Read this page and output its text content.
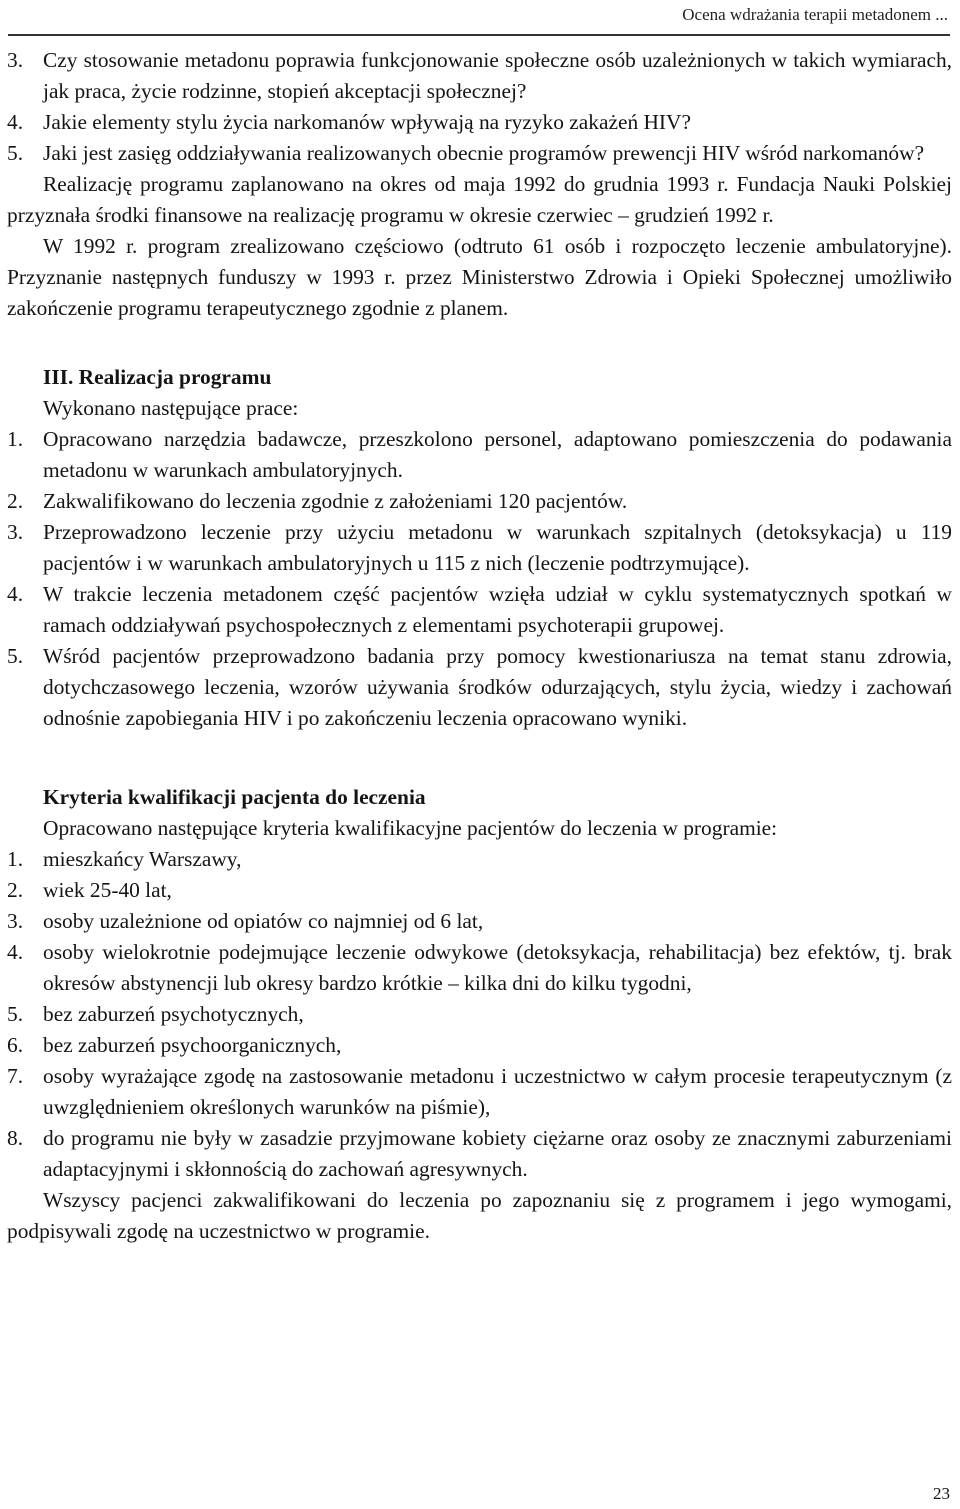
Ocena wdrażania terapii metadonem ...
3. Czy stosowanie metadonu poprawia funkcjonowanie społeczne osób uzależnionych w takich wymiarach, jak praca, życie rodzinne, stopień akceptacji społecznej?
4. Jakie elementy stylu życia narkomanów wpływają na ryzyko zakażeń HIV?
5. Jaki jest zasięg oddziaływania realizowanych obecnie programów prewencji HIV wśród narkomanów?

Realizację programu zaplanowano na okres od maja 1992 do grudnia 1993 r. Fundacja Nauki Polskiej przyznała środki finansowe na realizację programu w okresie czerwiec – grudzień 1992 r.

W 1992 r. program zrealizowano częściowo (odtruto 61 osób i rozpoczęto leczenie ambulatoryjne). Przyznanie następnych funduszy w 1993 r. przez Ministerstwo Zdrowia i Opieki Społecznej umożliwiło zakończenie programu terapeutycznego zgodnie z planem.

III. Realizacja programu
Wykonano następujące prace:
1. Opracowano narzędzia badawcze, przeszkolono personel, adaptowano pomieszczenia do podawania metadonu w warunkach ambulatoryjnych.
2. Zakwalifikowano do leczenia zgodnie z założeniami 120 pacjentów.
3. Przeprowadzono leczenie przy użyciu metadonu w warunkach szpitalnych (detoksykacja) u 119 pacjentów i w warunkach ambulatoryjnych u 115 z nich (leczenie podtrzymujące).
4. W trakcie leczenia metadonem część pacjentów wzięła udział w cyklu systematycznych spotkań w ramach oddziaływań psychospołecznych z elementami psychoterapii grupowej.
5. Wśród pacjentów przeprowadzono badania przy pomocy kwestionariusza na temat stanu zdrowia, dotychczasowego leczenia, wzorów używania środków odurzających, stylu życia, wiedzy i zachowań odnośnie zapobiegania HIV i po zakończeniu leczenia opracowano wyniki.
Kryteria kwalifikacji pacjenta do leczenia
Opracowano następujące kryteria kwalifikacyjne pacjentów do leczenia w programie:
1. mieszkańcy Warszawy,
2. wiek 25-40 lat,
3. osoby uzależnione od opiatów co najmniej od 6 lat,
4. osoby wielokrotnie podejmujące leczenie odwykowe (detoksykacja, rehabilitacja) bez efektów, tj. brak okresów abstynencji lub okresy bardzo krótkie – kilka dni do kilku tygodni,
5. bez zaburzeń psychotycznych,
6. bez zaburzeń psychoorganicznych,
7. osoby wyrażające zgodę na zastosowanie metadonu i uczestnictwo w całym procesie terapeutycznym (z uwzględnieniem określonych warunków na piśmie),
8. do programu nie były w zasadzie przyjmowane kobiety ciężarne oraz osoby ze znacznymi zaburzeniami adaptacyjnymi i skłonnością do zachowań agresywnych.

Wszyscy pacjenci zakwalifikowani do leczenia po zapoznaniu się z programem i jego wymogami, podpisywali zgodę na uczestnictwo w programie.

23
